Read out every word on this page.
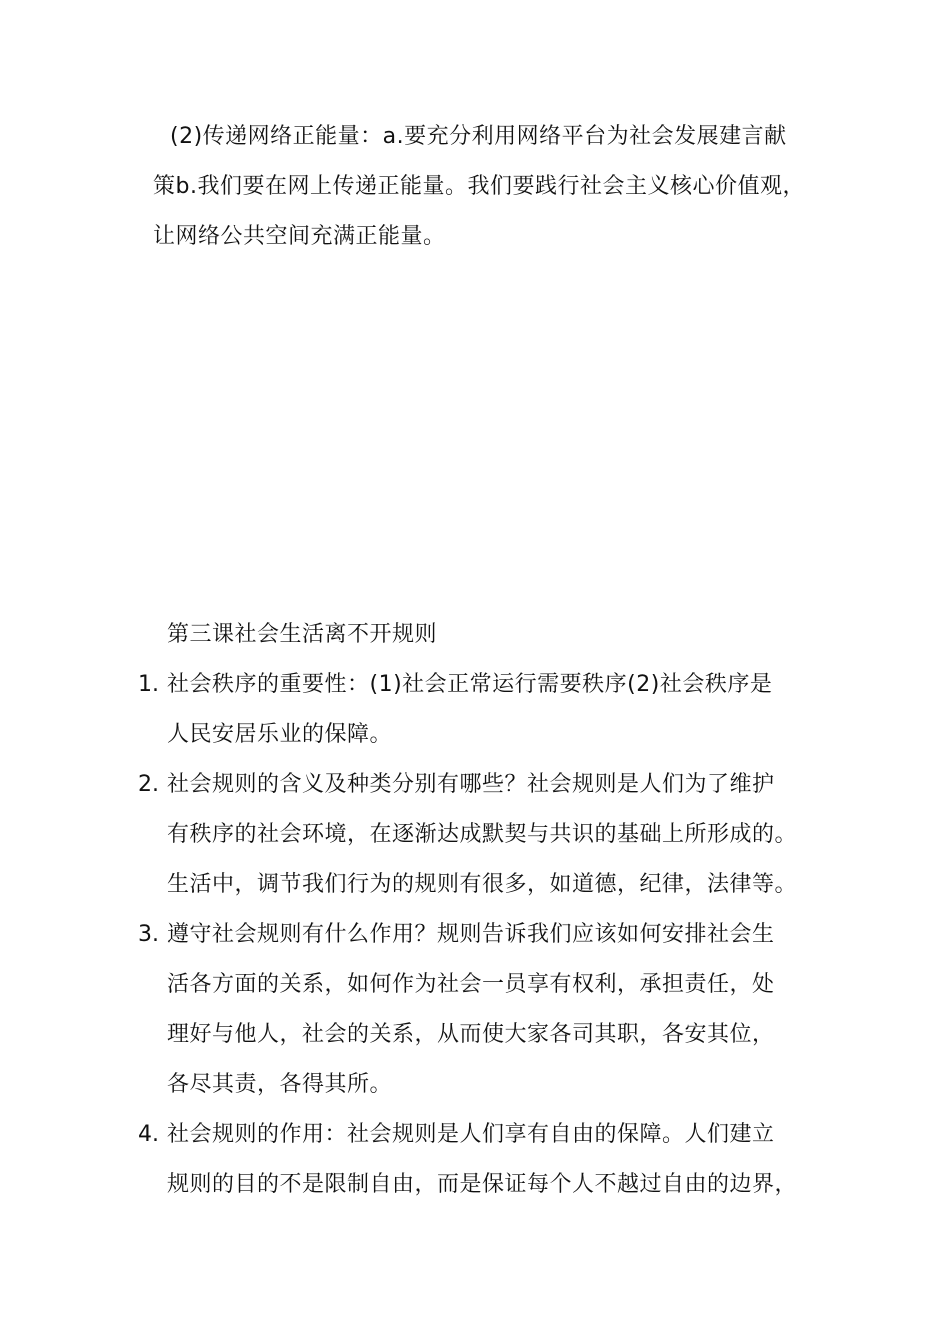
(2)传递网络正能量：a.要充分利用网络平台为社会发展建言献
策b.我们要在网上传递正能量。我们要践行社会主义核心价值观，
让网络公共空间充满正能量。
第三课社会生活离不开规则
1. 社会秩序的重要性：(1)社会正常运行需要秩序(2)社会秩序是
人民安居乐业的保障。
2. 社会规则的含义及种类分别有哪些？社会规则是人们为了维护
有秩序的社会环境，在逐渐达成默契与共识的基础上所形成的。
生活中，调节我们行为的规则有很多，如道德，纪律，法律等。
3. 遵守社会规则有什么作用？规则告诉我们应该如何安排社会生
活各方面的关系，如何作为社会一员享有权利，承担责任，处
理好与他人，社会的关系，从而使大家各司其职，各安其位，
各尽其责，各得其所。
4. 社会规则的作用：社会规则是人们享有自由的保障。人们建立
规则的目的不是限制自由，而是保证每个人不越过自由的边界，
